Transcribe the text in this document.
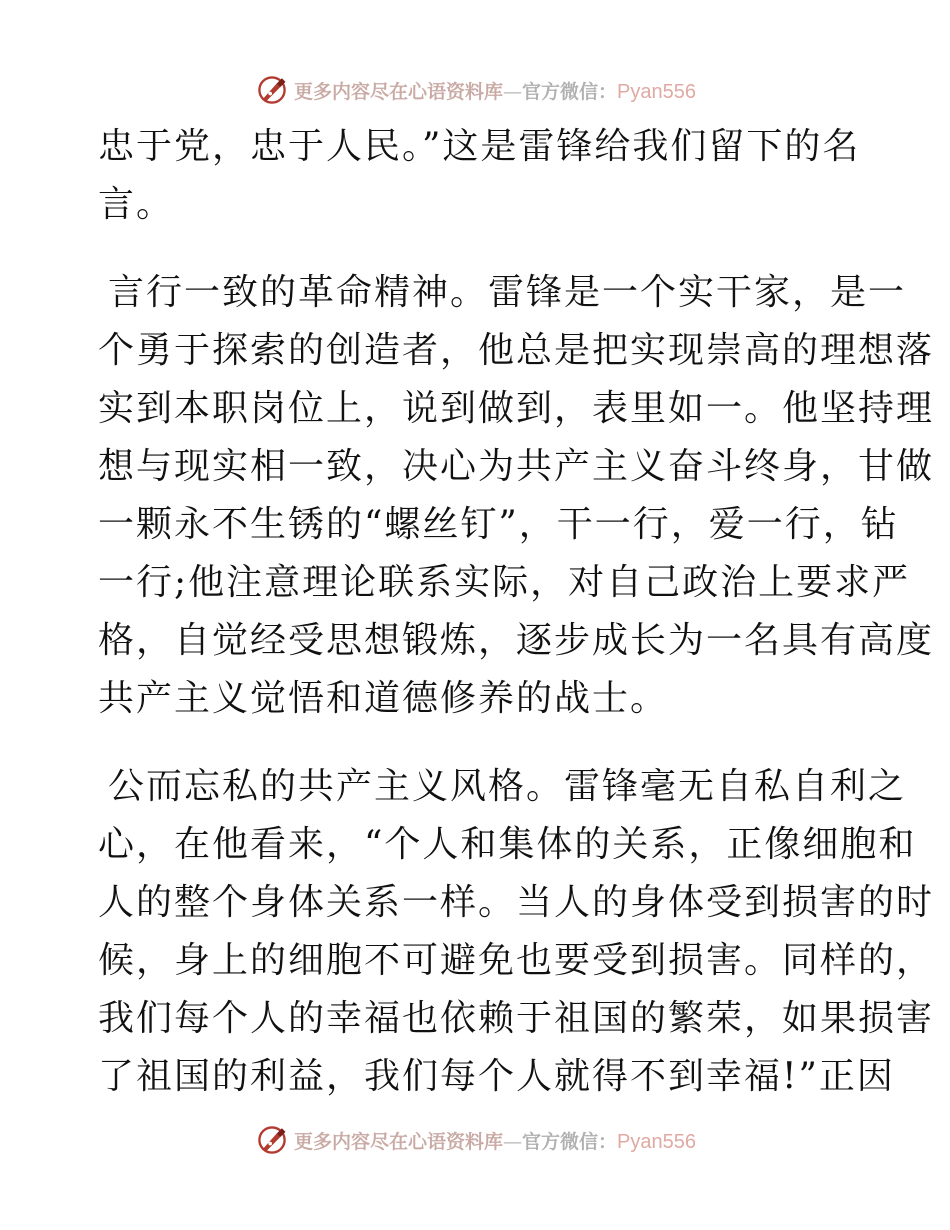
更多内容尽在心语资料库—官方微信：Pyan556
忠于党，忠于人民。”这是雷锋给我们留下的名
言。
言行一致的革命精神。雷锋是一个实干家，是一
个勇于探索的创造者，他总是把实现崇高的理想落
实到本职岗位上，说到做到，表里如一。他坚持理
想与现实相一致，决心为共产主义奋斗终身，甘做
一颗永不生锈的“螺丝钉”，干一行，爱一行，钻
一行;他注意理论联系实际，对自己政治上要求严
格，自觉经受思想锻炼，逐步成长为一名具有高度
共产主义觉悟和道德修养的战士。
公而忘私的共产主义风格。雷锋毫无自私自利之
心，在他看来，“个人和集体的关系，正像细胞和
人的整个身体关系一样。当人的身体受到损害的时
候，身上的细胞不可避免也要受到损害。同样的，
我们每个人的幸福也依赖于祖国的繁荣，如果损害
了祖国的利益，我们每个人就得不到幸福!”正因
更多内容尽在心语资料库—官方微信：Pyan556
